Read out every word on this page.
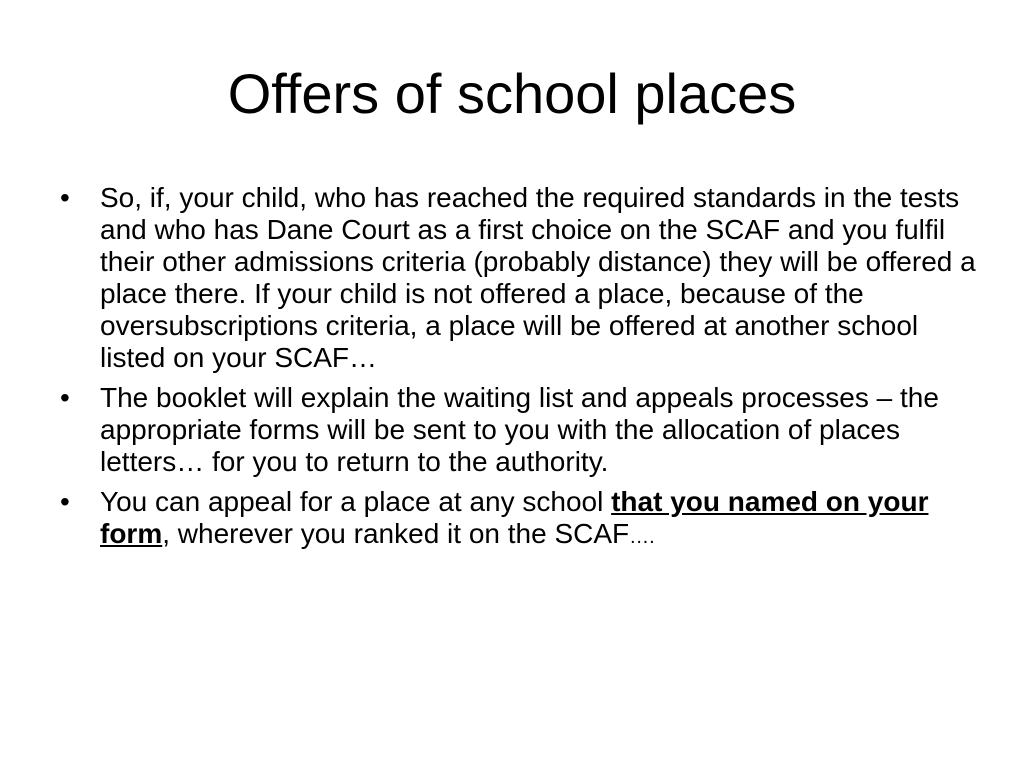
Offers of school places
•	So, if, your child, who has reached the required standards in the tests and who has Dane Court as a first choice on the SCAF and you fulfil their other admissions criteria (probably distance) they will be offered a place there. If your child is not offered a place, because of the oversubscriptions criteria, a place will be offered at another school listed on your SCAF…
•	The booklet will explain the waiting list and appeals processes – the appropriate forms will be sent to you with the allocation of places letters… for you to return to the authority.
•	You can appeal for a place at any school that you named on your form, wherever you ranked it on the SCAF….
